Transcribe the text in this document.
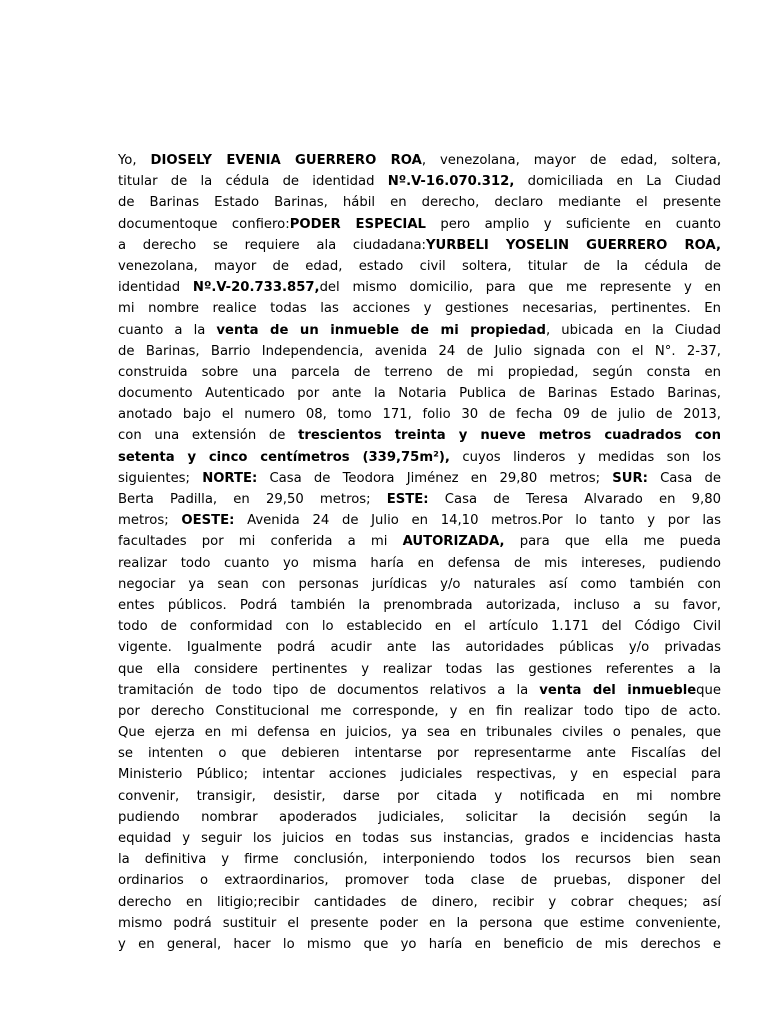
Yo, DIOSELY EVENIA GUERRERO ROA, venezolana, mayor de edad, soltera,
titular de la cédula de identidad Nº.V-16.070.312, domiciliada en La Ciudad
de Barinas Estado Barinas, hábil en derecho, declaro mediante el presente
documentoque confiero:PODER ESPECIAL pero amplio y suficiente en cuanto
a derecho se requiere ala ciudadana:YURBELI YOSELIN GUERRERO ROA,
venezolana, mayor de edad, estado civil soltera, titular de la cédula de
identidad Nº.V-20.733.857,del mismo domicilio, para que me represente y en
mi nombre realice todas las acciones y gestiones necesarias, pertinentes. En
cuanto a la venta de un inmueble de mi propiedad, ubicada en la Ciudad
de Barinas, Barrio Independencia, avenida 24 de Julio signada con el N°. 2-37,
construida sobre una parcela de terreno de mi propiedad, según consta en
documento Autenticado por ante la Notaria Publica de Barinas Estado Barinas,
anotado bajo el numero 08, tomo 171, folio 30 de fecha 09 de julio de 2013,
con una extensión de trescientos treinta y nueve metros cuadrados con
setenta y cinco centímetros (339,75m²), cuyos linderos y medidas son los
siguientes; NORTE: Casa de Teodora Jiménez en 29,80 metros; SUR: Casa de
Berta Padilla, en 29,50 metros; ESTE: Casa de Teresa Alvarado en 9,80
metros; OESTE: Avenida 24 de Julio en 14,10 metros.Por lo tanto y por las
facultades por mi conferida a mi AUTORIZADA, para que ella me pueda
realizar todo cuanto yo misma haría en defensa de mis intereses, pudiendo
negociar ya sean con personas jurídicas y/o naturales así como también con
entes públicos. Podrá también la prenombrada autorizada, incluso a su favor,
todo de conformidad con lo establecido en el artículo 1.171 del Código Civil
vigente. Igualmente podrá acudir ante las autoridades públicas y/o privadas
que ella considere pertinentes y realizar todas las gestiones referentes a la
tramitación de todo tipo de documentos relativos a la venta del inmuebleque
por derecho Constitucional me corresponde, y en fin realizar todo tipo de acto.
Que ejerza en mi defensa en juicios, ya sea en tribunales civiles o penales, que
se intenten o que debieren intentarse por representarme ante Fiscalías del
Ministerio Público; intentar acciones judiciales respectivas, y en especial para
convenir, transigir, desistir, darse por citada y notificada en mi nombre
pudiendo nombrar apoderados judiciales, solicitar la decisión según la
equidad y seguir los juicios en todas sus instancias, grados e incidencias hasta
la definitiva y firme conclusión, interponiendo todos los recursos bien sean
ordinarios o extraordinarios, promover toda clase de pruebas, disponer del
derecho en litigio;recibir cantidades de dinero, recibir y cobrar cheques; así
mismo podrá sustituir el presente poder en la persona que estime conveniente,
y en general, hacer lo mismo que yo haría en beneficio de mis derechos e
